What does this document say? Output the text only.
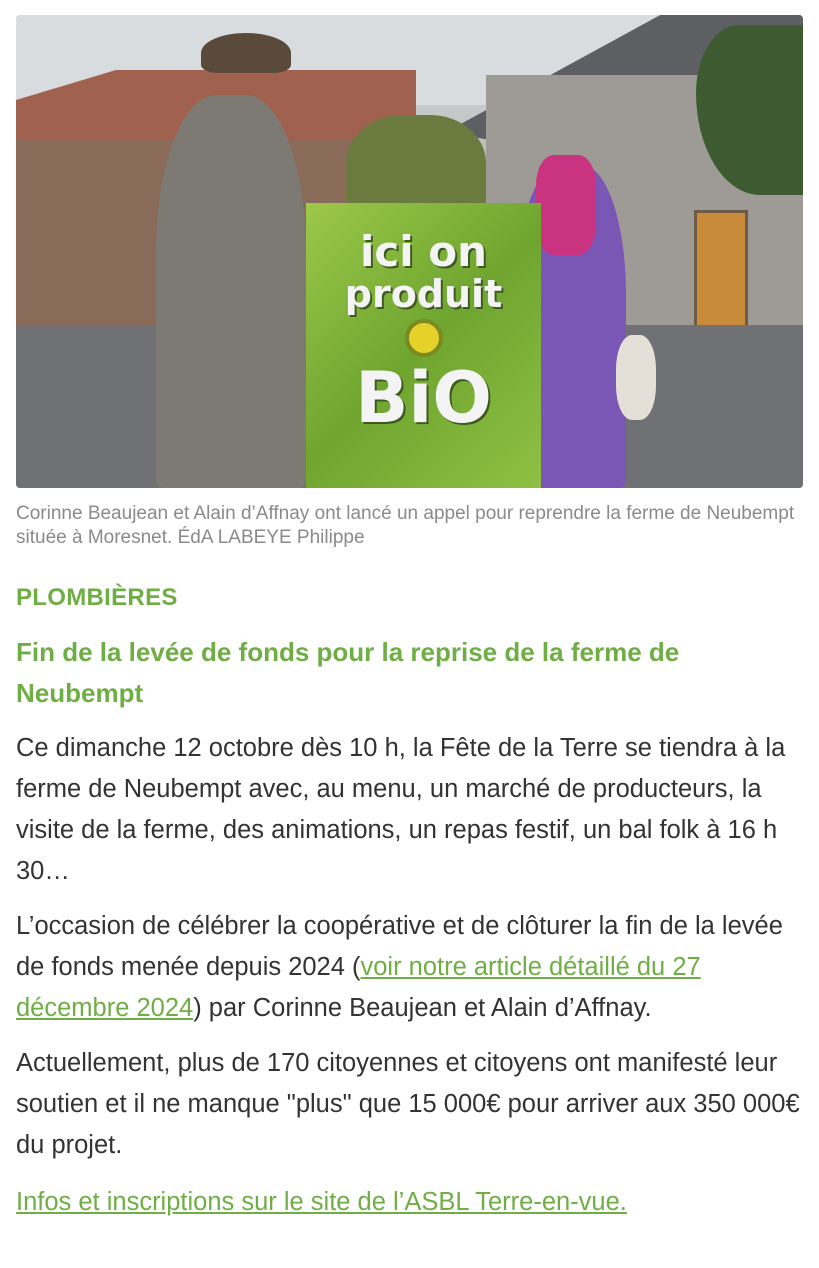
ici on
produit
BiO
Corinne Beaujean et Alain d’Affnay ont lancé un appel pour reprendre la ferme de Neubempt située à Moresnet. ÉdA LABEYE Philippe
PLOMBIÈRES
Fin de la levée de fonds pour la reprise de la ferme de Neubempt
Ce dimanche 12 octobre dès 10 h, la Fête de la Terre se tiendra à la ferme de Neubempt avec, au menu, un marché de producteurs, la visite de la ferme, des animations, un repas festif, un bal folk à 16 h 30…
L’occasion de célébrer la coopérative et de clôturer la fin de la levée de fonds menée depuis 2024 (voir notre article détaillé du 27 décembre 2024) par Corinne Beaujean et Alain d’Affnay.
Actuellement, plus de 170 citoyennes et citoyens ont manifesté leur soutien et il ne manque "plus" que 15 000€ pour arriver aux 350 000€ du projet.
Infos et inscriptions sur le site de l’ASBL Terre-en-vue.
